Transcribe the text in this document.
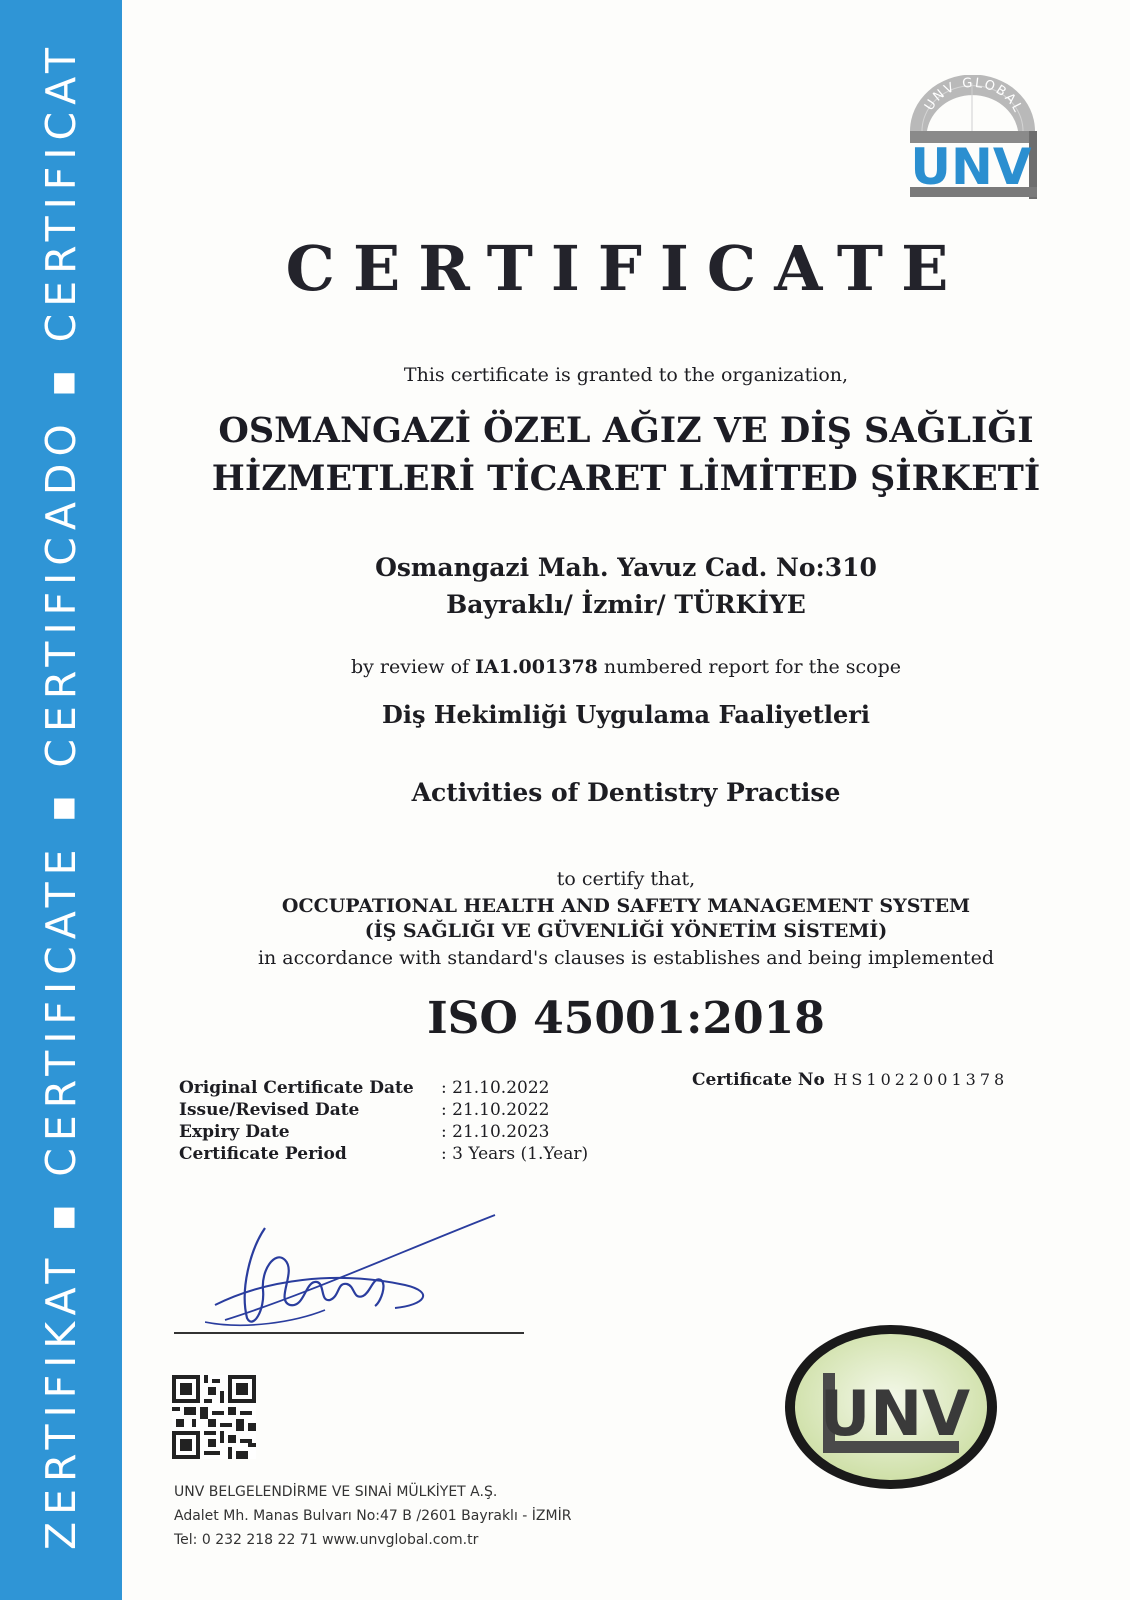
ZERTIFIKAT ▪ CERTIFICATE ▪ CERTIFICADO ▪ CERTIFICAT	UNV GLOBAL
UNV
CERTIFICATE
This certificate is granted to the organization,
OSMANGAZİ ÖZEL AĞIZ VE DİŞ SAĞLIĞI
HİZMETLERİ TİCARET LİMİTED ŞİRKETİ
Osmangazi Mah. Yavuz Cad. No:310
Bayraklı/ İzmir/ TÜRKİYE
by review of IA1.001378 numbered report for the scope
Diş Hekimliği Uygulama Faaliyetleri
Activities of Dentistry Practise
to certify that,
OCCUPATIONAL HEALTH AND SAFETY MANAGEMENT SYSTEM
(İŞ SAĞLIĞI VE GÜVENLİĞİ YÖNETİM SİSTEMİ)
in accordance with standard's clauses is establishes and being implemented
ISO 45001:2018
Original Certificate Date : 21.10.2022
Issue/Revised Date	: 21.10.2022
Expiry Date	: 21.10.2023
Certificate Period	: 3 Years (1.Year)
Certificate No
: HS1022001378
UNV BELGELENDİRME VE SINAİ MÜLKİYET A.Ş.
Adalet Mh. Manas Bulvarı No:47 B /2601 Bayraklı - İZMİR
Tel: 0 232 218 22 71 www.unvglobal.com.tr
UNV
